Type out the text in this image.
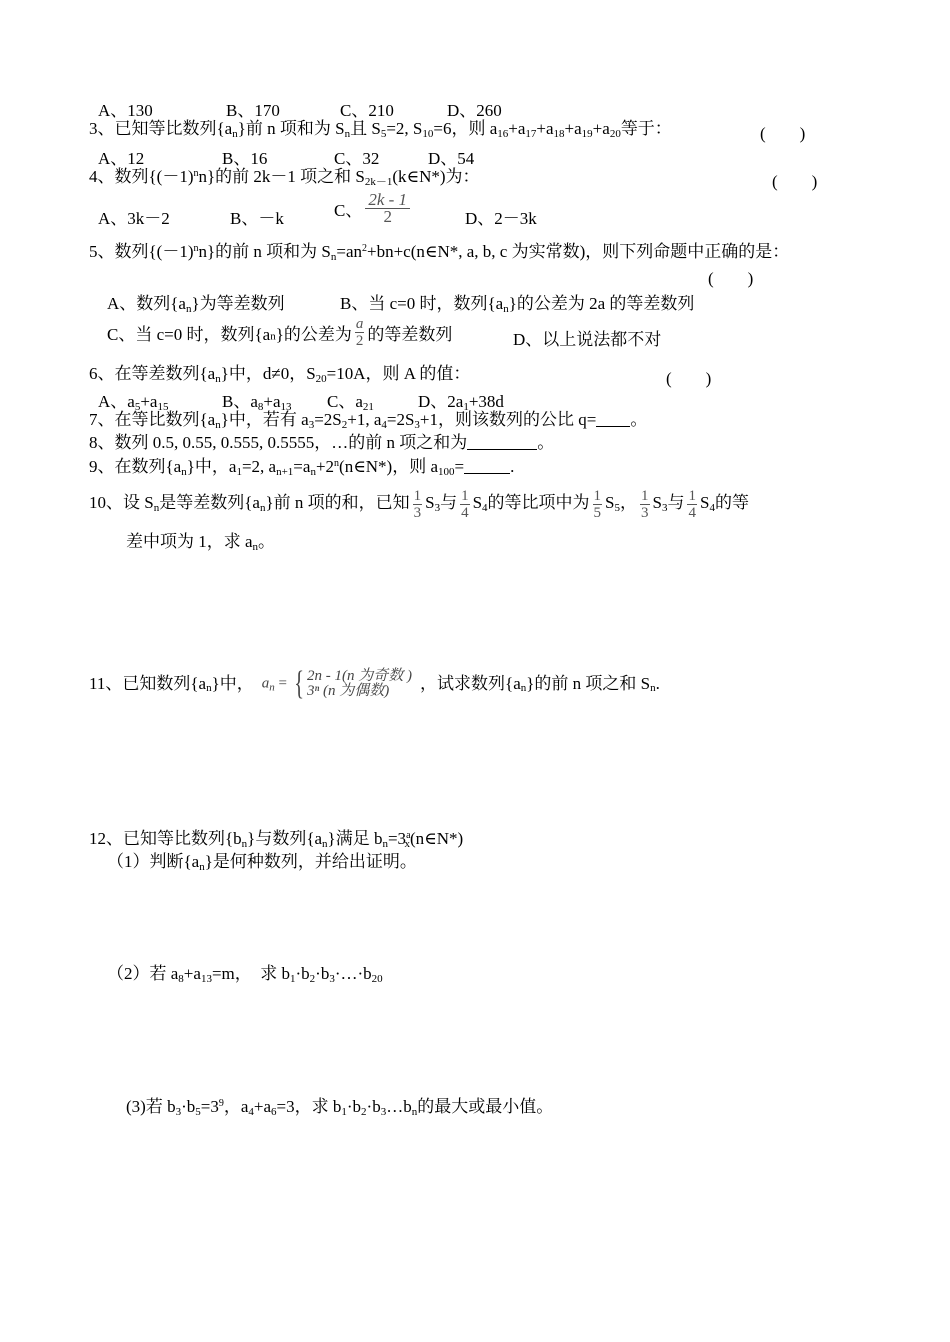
A、130	B、170	C、210	D、260
3、已知等比数列$\{a_n\}$前 n 项和为 $S_n$且 $S_5=2$, $S_{10}=6$，则 $a_{16}+a_{17}+a_{18}+a_{19}+a_{20}$等于：	(　　)
A、12	B、16	C、32	D、54
4、数列$\{(-1)^nn\}$的前 2k－1 项之和 $S_{2k-1}(k\in N*)$为：	(　　)
A、3k－2	B、－k	C、 $\frac{2k - 1}{2}$	D、2－3k
5、数列$\{(-1)^nn\}$的前 n 项和为 $S_n=an^2+bn+c(n\in N*$, a, b, c 为实常数)，则下列命题中正确的是：
(　　)
A、数列$\{a_n\}$为等差数列	B、当 c=0 时，数列$\{a_n\}$的公差为 2a 的等差数列
C、当 c=0 时，数列$\{a_n\}$的公差为 $\frac{a}{2}$ 的等差数列	D、以上说法都不对
6、在等差数列$\{a_n\}$中，d≠0，$S_{20}=10A$，则 A 的值：	(　　)
A、$a_5+a_{15}$	B、$a_8+a_{13}$ C、$a_{21}$	D、$2a_1+38d$
7、在等比数列$\{a_n\}$中，若有 $a_3=2S_2+1$, $a_4=2S_3+1$，则该数列的公比 q= 。
8、数列 0.5, 0.55, 0.555, 0.5555，…的前 n 项之和为	。
9、在数列$\{a_n\}$中，$a_1=2$, $a_{n+1}=a_n+2^n(n\in N*)$，则 $a_{100}=$	.
10、设 $S_n$是等差数列$\{a_n\}$前 n 项的和，已知 $\frac{1}{3} S_3$与 $\frac{1}{4} S_4$的等比项中为 $\frac{1}{5} S_5$， $\frac{1}{3} S_3$与 $\frac{1}{4} S_4$的等
差中项为 1，求 $a_n$。
11、已知数列$\{a_n\}$中， $a_n$ = { 2n - 1(n 为奇数 )
3ⁿ (n 为偶数)	，试求数列$\{a_n\}$的前 n 项之和 $S_n$.
12、已知等比数列$\{b_n\}$与数列$\{a_n\}$满足 $b_n=3^a_x(n\in N*)$
（1）判断$\{a_n\}$是何种数列，并给出证明。
（2）若 $a_8+a_{13}=m$，　求 $b_1\cdot b_2\cdot b_3\cdot\dots\cdot b_{20}$
(3)若 $b_3\cdot b_5=3^9$，$a_4+a_6=3$，求 $b_1\cdot b_2\cdot b_3\dots b_n$的最大或最小值。
